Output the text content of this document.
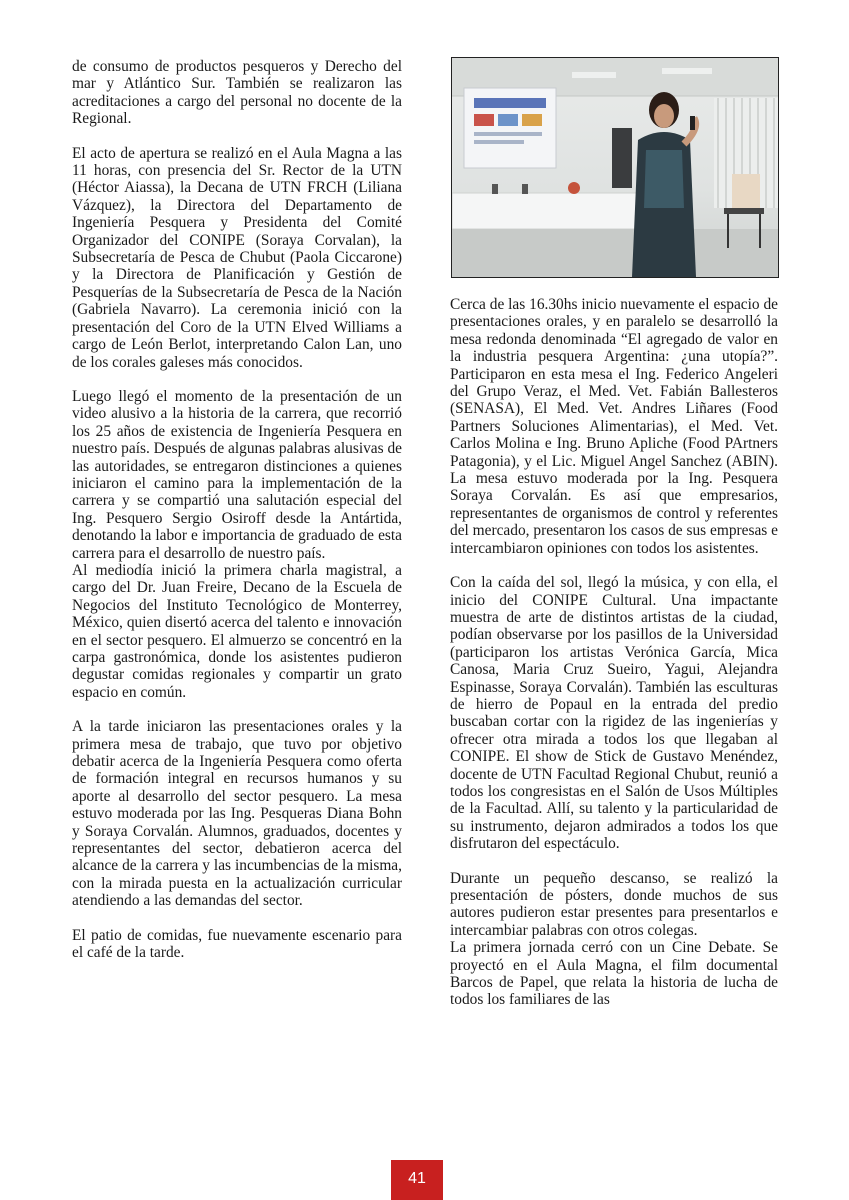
de consumo de productos pesqueros y Derecho del mar y Atlántico Sur. También se realizaron las acreditaciones a cargo del personal no docente de la Regional.

El acto de apertura se realizó en el Aula Magna a las 11 horas, con presencia del Sr. Rector de la UTN (Héctor Aiassa), la Decana de UTN FRCH (Liliana Vázquez), la Directora del Departamento de Ingeniería Pesquera y Presidenta del Comité Organizador del CONIPE (Soraya Corvalan), la Subsecretaría de Pesca de Chubut (Paola Ciccarone) y la Directora de Planificación y Gestión de Pesquerías de la Subsecretaría de Pesca de la Nación (Gabriela Navarro). La ceremonia inició con la presentación del Coro de la UTN Elved Williams a cargo de León Berlot, interpretando Calon Lan, uno de los corales galeses más conocidos.

Luego llegó el momento de la presentación de un video alusivo a la historia de la carrera, que recorrió los 25 años de existencia de Ingeniería Pesquera en nuestro país. Después de algunas palabras alusivas de las autoridades, se entregaron distinciones a quienes iniciaron el camino para la implementación de la carrera y se compartió una salutación especial del Ing. Pesquero Sergio Osiroff desde la Antártida, denotando la labor e importancia de graduado de esta carrera para el desarrollo de nuestro país.

Al mediodía inició la primera charla magistral, a cargo del Dr. Juan Freire, Decano de la Escuela de Negocios del Instituto Tecnológico de Monterrey, México, quien disertó acerca del talento e innovación en el sector pesquero. El almuerzo se concentró en la carpa gastronómica, donde los asistentes pudieron degustar comidas regionales y compartir un grato espacio en común.

A la tarde iniciaron las presentaciones orales y la primera mesa de trabajo, que tuvo por objetivo debatir acerca de la Ingeniería Pesquera como oferta de formación integral en recursos humanos y su aporte al desarrollo del sector pesquero. La mesa estuvo moderada por las Ing. Pesqueras Diana Bohn y Soraya Corvalán. Alumnos, graduados, docentes y representantes del sector, debatieron acerca del alcance de la carrera y las incumbencias de la misma, con la mirada puesta en la actualización curricular atendiendo a las demandas del sector.

El patio de comidas, fue nuevamente escenario para el café de la tarde.

Cerca de las 16.30hs inicio nuevamente el espacio de presentaciones orales, y en paralelo se desarrolló la mesa redonda denominada “El agregado de valor en la industria pesquera Argentina: ¿una utopía?”. Participaron en esta mesa el Ing. Federico Angeleri del Grupo Veraz, el Med. Vet. Fabián Ballesteros (SENASA), El Med. Vet. Andres Liñares (Food Partners Soluciones Alimentarias), el Med. Vet. Carlos Molina e Ing. Bruno Apliche (Food PArtners Patagonia), y el Lic. Miguel Angel Sanchez (ABIN). La mesa estuvo moderada por la Ing. Pesquera Soraya Corvalán. Es así que empresarios, representantes de organismos de control y referentes del mercado, presentaron los casos de sus empresas e intercambiaron opiniones con todos los asistentes.

Con la caída del sol, llegó la música, y con ella, el inicio del CONIPE Cultural. Una impactante muestra de arte de distintos artistas de la ciudad, podían observarse por los pasillos de la Universidad (participaron los artistas Verónica García, Mica Canosa, Maria Cruz Sueiro, Yagui, Alejandra Espinasse, Soraya Corvalán). También las esculturas de hierro de Popaul en la entrada del predio buscaban cortar con la rigidez de las ingenierías y ofrecer otra mirada a todos los que llegaban al CONIPE. El show de Stick de Gustavo Menéndez, docente de UTN Facultad Regional Chubut, reunió a todos los congresistas en el Salón de Usos Múltiples de la Facultad. Allí, su talento y la particularidad de su instrumento, dejaron admirados a todos los que disfrutaron del espectáculo.

Durante un pequeño descanso, se realizó la presentación de pósters, donde muchos de sus autores pudieron estar presentes para presentarlos e intercambiar palabras con otros colegas.

La primera jornada cerró con un Cine Debate. Se proyectó en el Aula Magna, el film documental Barcos de Papel, que relata la historia de lucha de todos los familiares de las

41
